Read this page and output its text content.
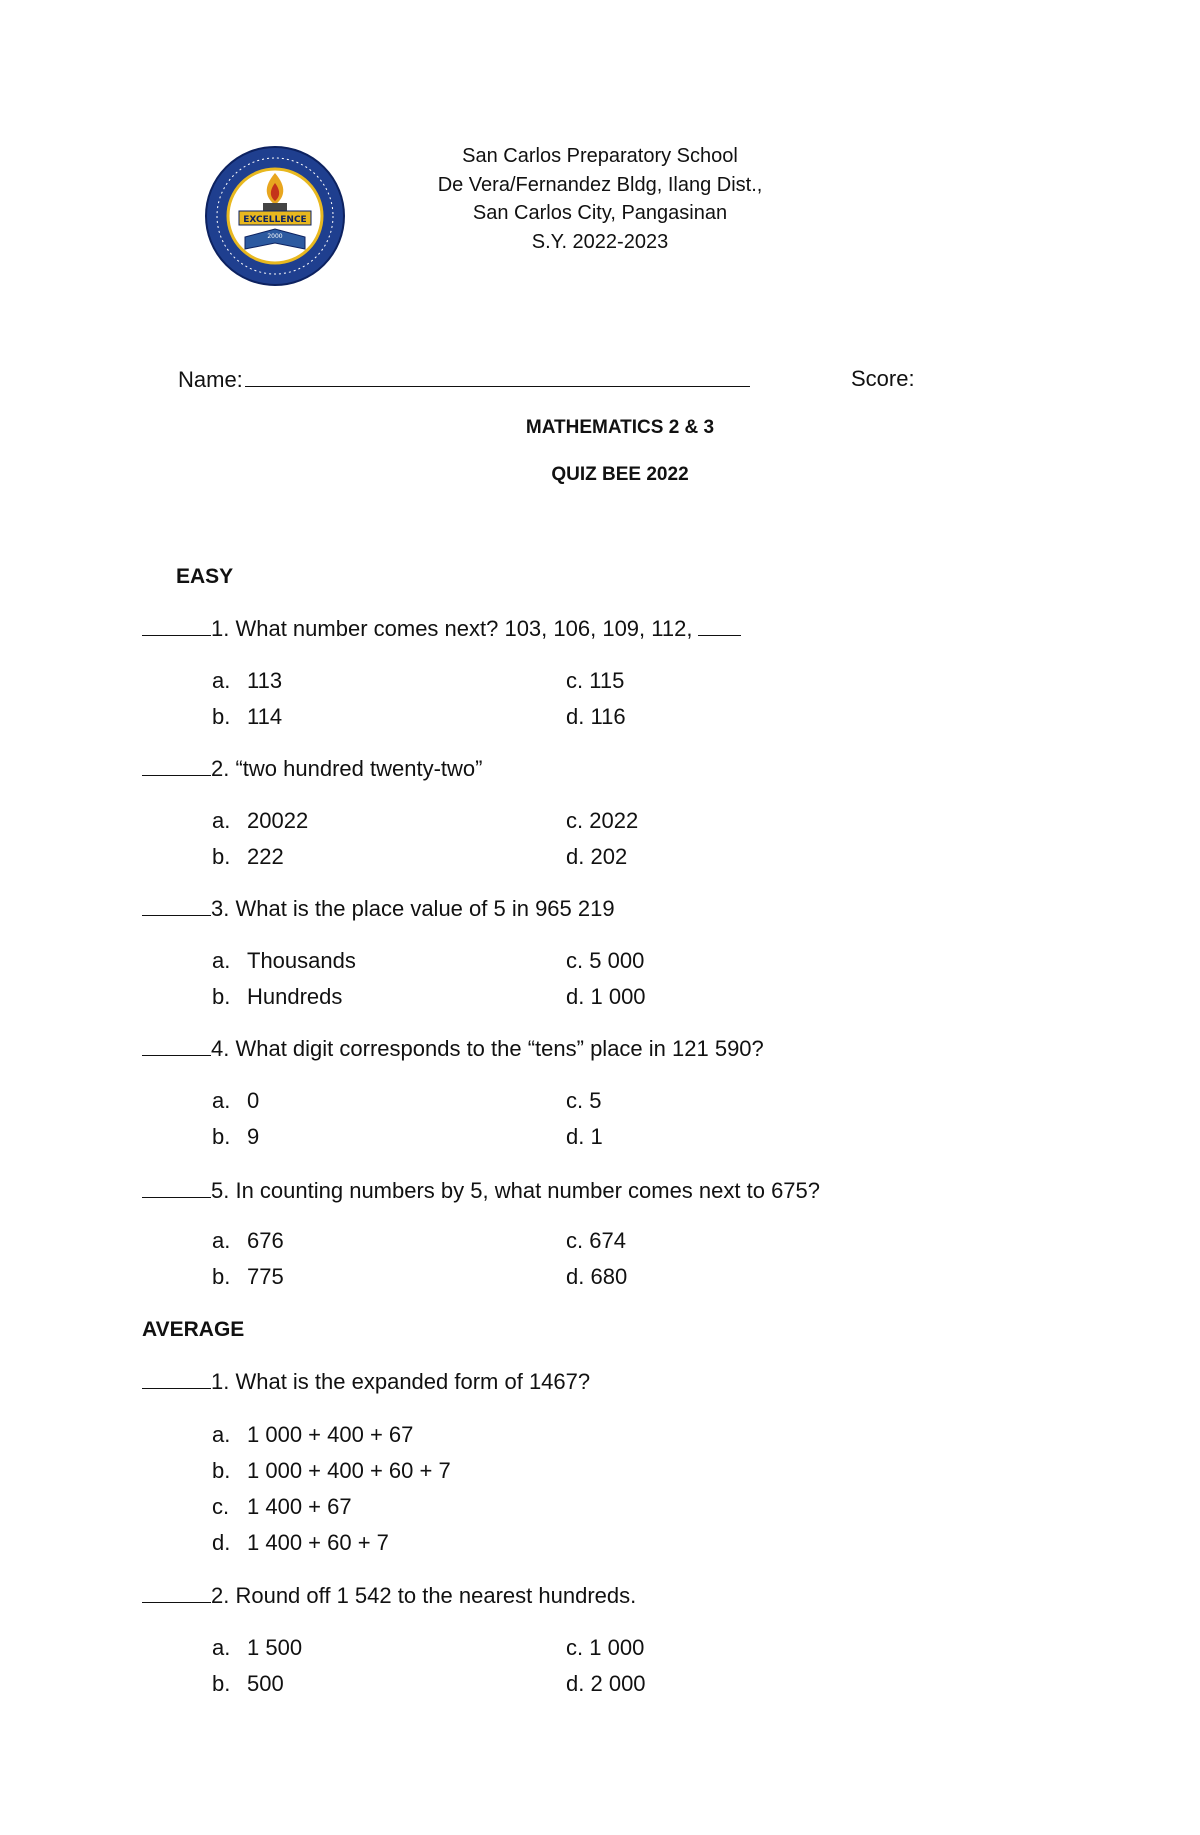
EXCELLENCE
2000
San Carlos Preparatory School
De Vera/Fernandez Bldg, Ilang Dist.,
San Carlos City, Pangasinan
S.Y. 2022-2023
Name:	Score:
MATHEMATICS 2 & 3
QUIZ BEE 2022
EASY
1. What number comes next? 103, 106, 109, 112,
a. 113
b. 114
c. 115
d. 116
2. “two hundred twenty-two”
a. 20022
b. 222
c. 2022
d. 202
3. What is the place value of 5 in 965 219
a. Thousands
b. Hundreds
c. 5 000
d. 1 000
4. What digit corresponds to the “tens” place in 121 590?
a. 0
b. 9
c. 5
d. 1
5. In counting numbers by 5, what number comes next to 675?
a. 676
b. 775
c. 674
d. 680
AVERAGE
1. What is the expanded form of 1467?
a. 1 000 + 400 + 67
b. 1 000 + 400 + 60 + 7
c. 1 400 + 67
d. 1 400 + 60 + 7
2. Round off 1 542 to the nearest hundreds.
a. 1 500
b. 500
c. 1 000
d. 2 000
